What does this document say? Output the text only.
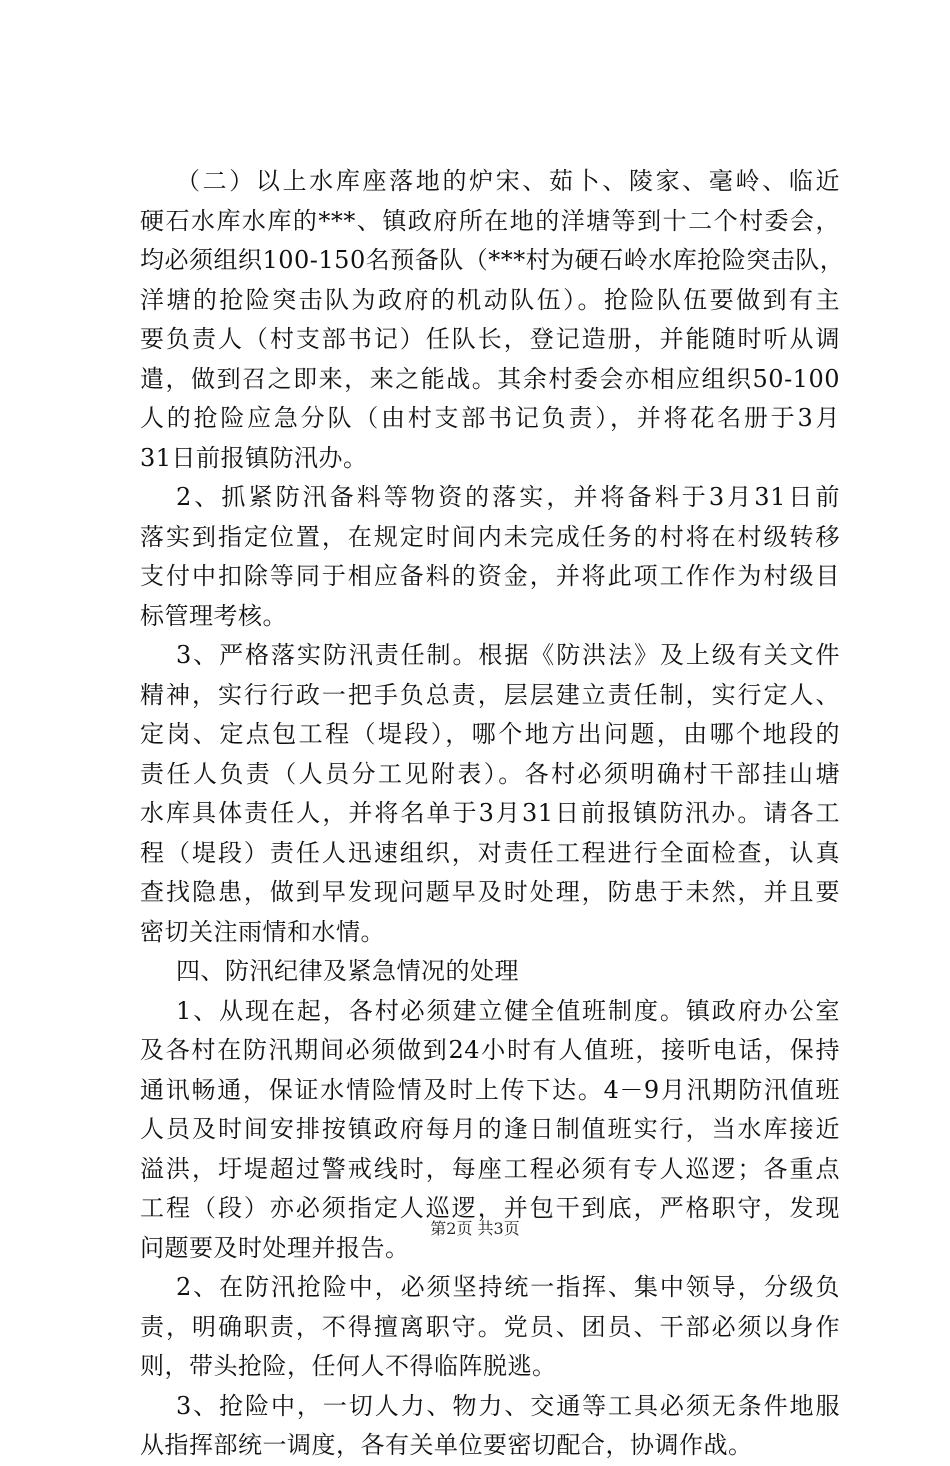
（二）以上水库座落地的炉宋、茹卜、陵家、毫岭、临近
硬石水库水库的***、镇政府所在地的洋塘等到十二个村委会，
均必须组织100-150名预备队（***村为硬石岭水库抢险突击队，
洋塘的抢险突击队为政府的机动队伍）。抢险队伍要做到有主
要负责人（村支部书记）任队长，登记造册，并能随时听从调
遣，做到召之即来，来之能战。其余村委会亦相应组织50-100
人的抢险应急分队（由村支部书记负责），并将花名册于3月
31日前报镇防汛办。
2、抓紧防汛备料等物资的落实，并将备料于3月31日前
落实到指定位置，在规定时间内未完成任务的村将在村级转移
支付中扣除等同于相应备料的资金，并将此项工作作为村级目
标管理考核。
3、严格落实防汛责任制。根据《防洪法》及上级有关文件
精神，实行行政一把手负总责，层层建立责任制，实行定人、
定岗、定点包工程（堤段），哪个地方出问题，由哪个地段的
责任人负责（人员分工见附表）。各村必须明确村干部挂山塘
水库具体责任人，并将名单于3月31日前报镇防汛办。请各工
程（堤段）责任人迅速组织，对责任工程进行全面检查，认真
查找隐患，做到早发现问题早及时处理，防患于未然，并且要
密切关注雨情和水情。
四、防汛纪律及紧急情况的处理
1、从现在起，各村必须建立健全值班制度。镇政府办公室
及各村在防汛期间必须做到24小时有人值班，接听电话，保持
通讯畅通，保证水情险情及时上传下达。4－9月汛期防汛值班
人员及时间安排按镇政府每月的逢日制值班实行，当水库接近
溢洪，圩堤超过警戒线时，每座工程必须有专人巡逻；各重点
工程（段）亦必须指定人巡逻，并包干到底，严格职守，发现
问题要及时处理并报告。
2、在防汛抢险中，必须坚持统一指挥、集中领导，分级负
责，明确职责，不得擅离职守。党员、团员、干部必须以身作
则，带头抢险，任何人不得临阵脱逃。
3、抢险中，一切人力、物力、交通等工具必须无条件地服
从指挥部统一调度，各有关单位要密切配合，协调作战。
第2页 共3页
